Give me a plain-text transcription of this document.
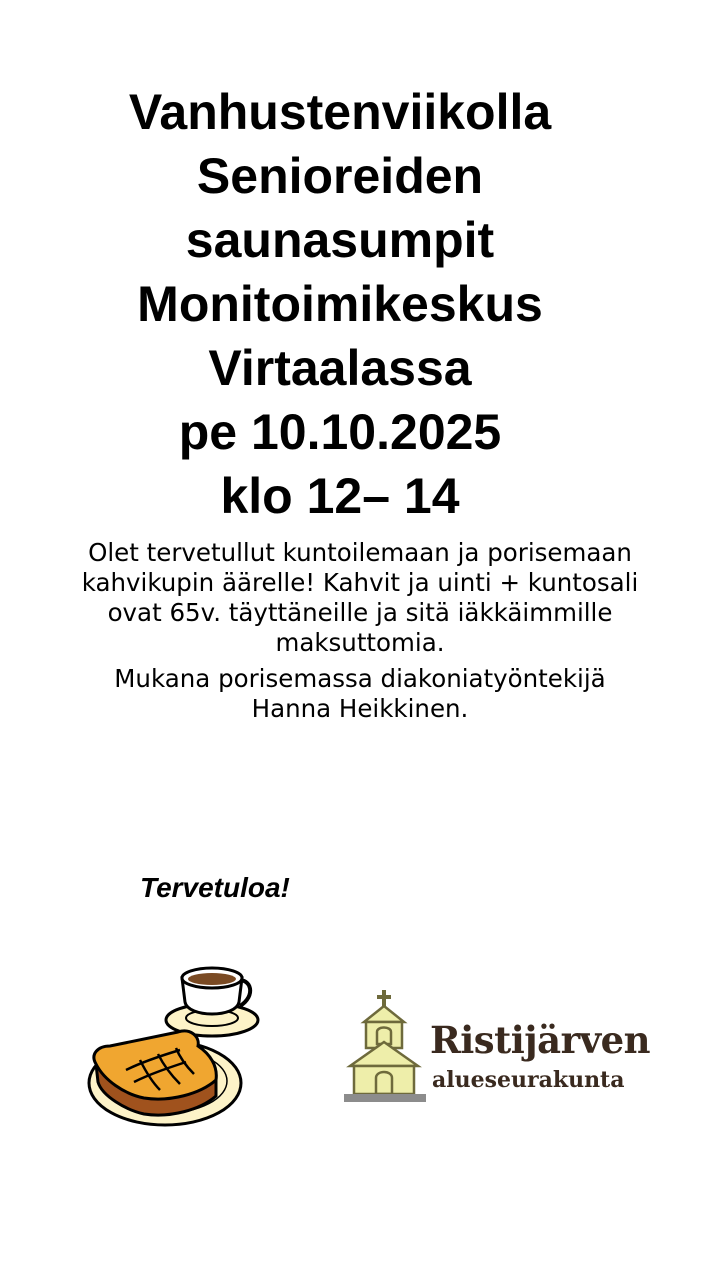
Vanhustenviikolla
Senioreiden
saunasumpit
Monitoimikeskus
Virtaalassa
pe 10.10.2025
klo 12– 14

Olet tervetullut kuntoilemaan ja porisemaan kahvikupin äärelle! Kahvit ja uinti + kuntosali ovat 65v. täyttäneille ja sitä iäkkäimmille maksuttomia.

Mukana porisemassa diakoniatyöntekijä Hanna Heikkinen.

Tervetuloa!

Ristijärven

alueseurakunta
